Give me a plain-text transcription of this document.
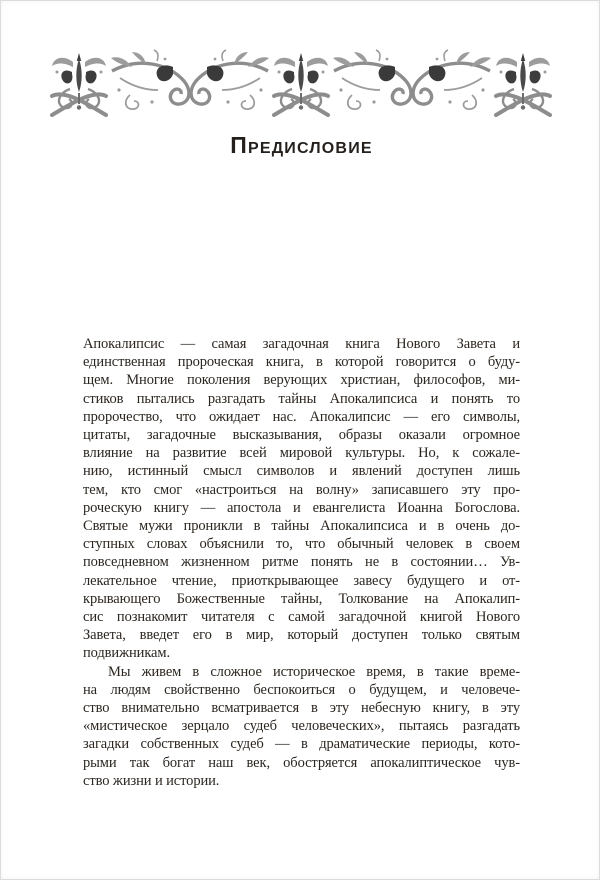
Предисловие
Апокалипсис — самая загадочная книга Нового Завета и
единственная пророческая книга, в которой говорится о буду-
щем. Многие поколения верующих христиан, философов, ми-
стиков пытались разгадать тайны Апокалипсиса и понять то
пророчество, что ожидает нас. Апокалипсис — его символы,
цитаты, загадочные высказывания, образы оказали огромное
влияние на развитие всей мировой культуры. Но, к сожале-
нию, истинный смысл символов и явлений доступен лишь
тем, кто смог «настроиться на волну» записавшего эту про-
роческую книгу — апостола и евангелиста Иоанна Богослова.
Святые мужи проникли в тайны Апокалипсиса и в очень до-
ступных словах объяснили то, что обычный человек в своем
повседневном жизненном ритме понять не в состоянии… Ув-
лекательное чтение, приоткрывающее завесу будущего и от-
крывающего Божественные тайны, Толкование на Апокалип-
сис познакомит читателя с самой загадочной книгой Нового
Завета, введет его в мир, который доступен только святым
подвижникам.
Мы живем в сложное историческое время, в такие време-
на людям свойственно беспокоиться о будущем, и человече-
ство внимательно всматривается в эту небесную книгу, в эту
«мистическое зерцало судеб человеческих», пытаясь разгадать
загадки собственных судеб — в драматические периоды, кото-
рыми так богат наш век, обостряется апокалиптическое чув-
ство жизни и истории.
